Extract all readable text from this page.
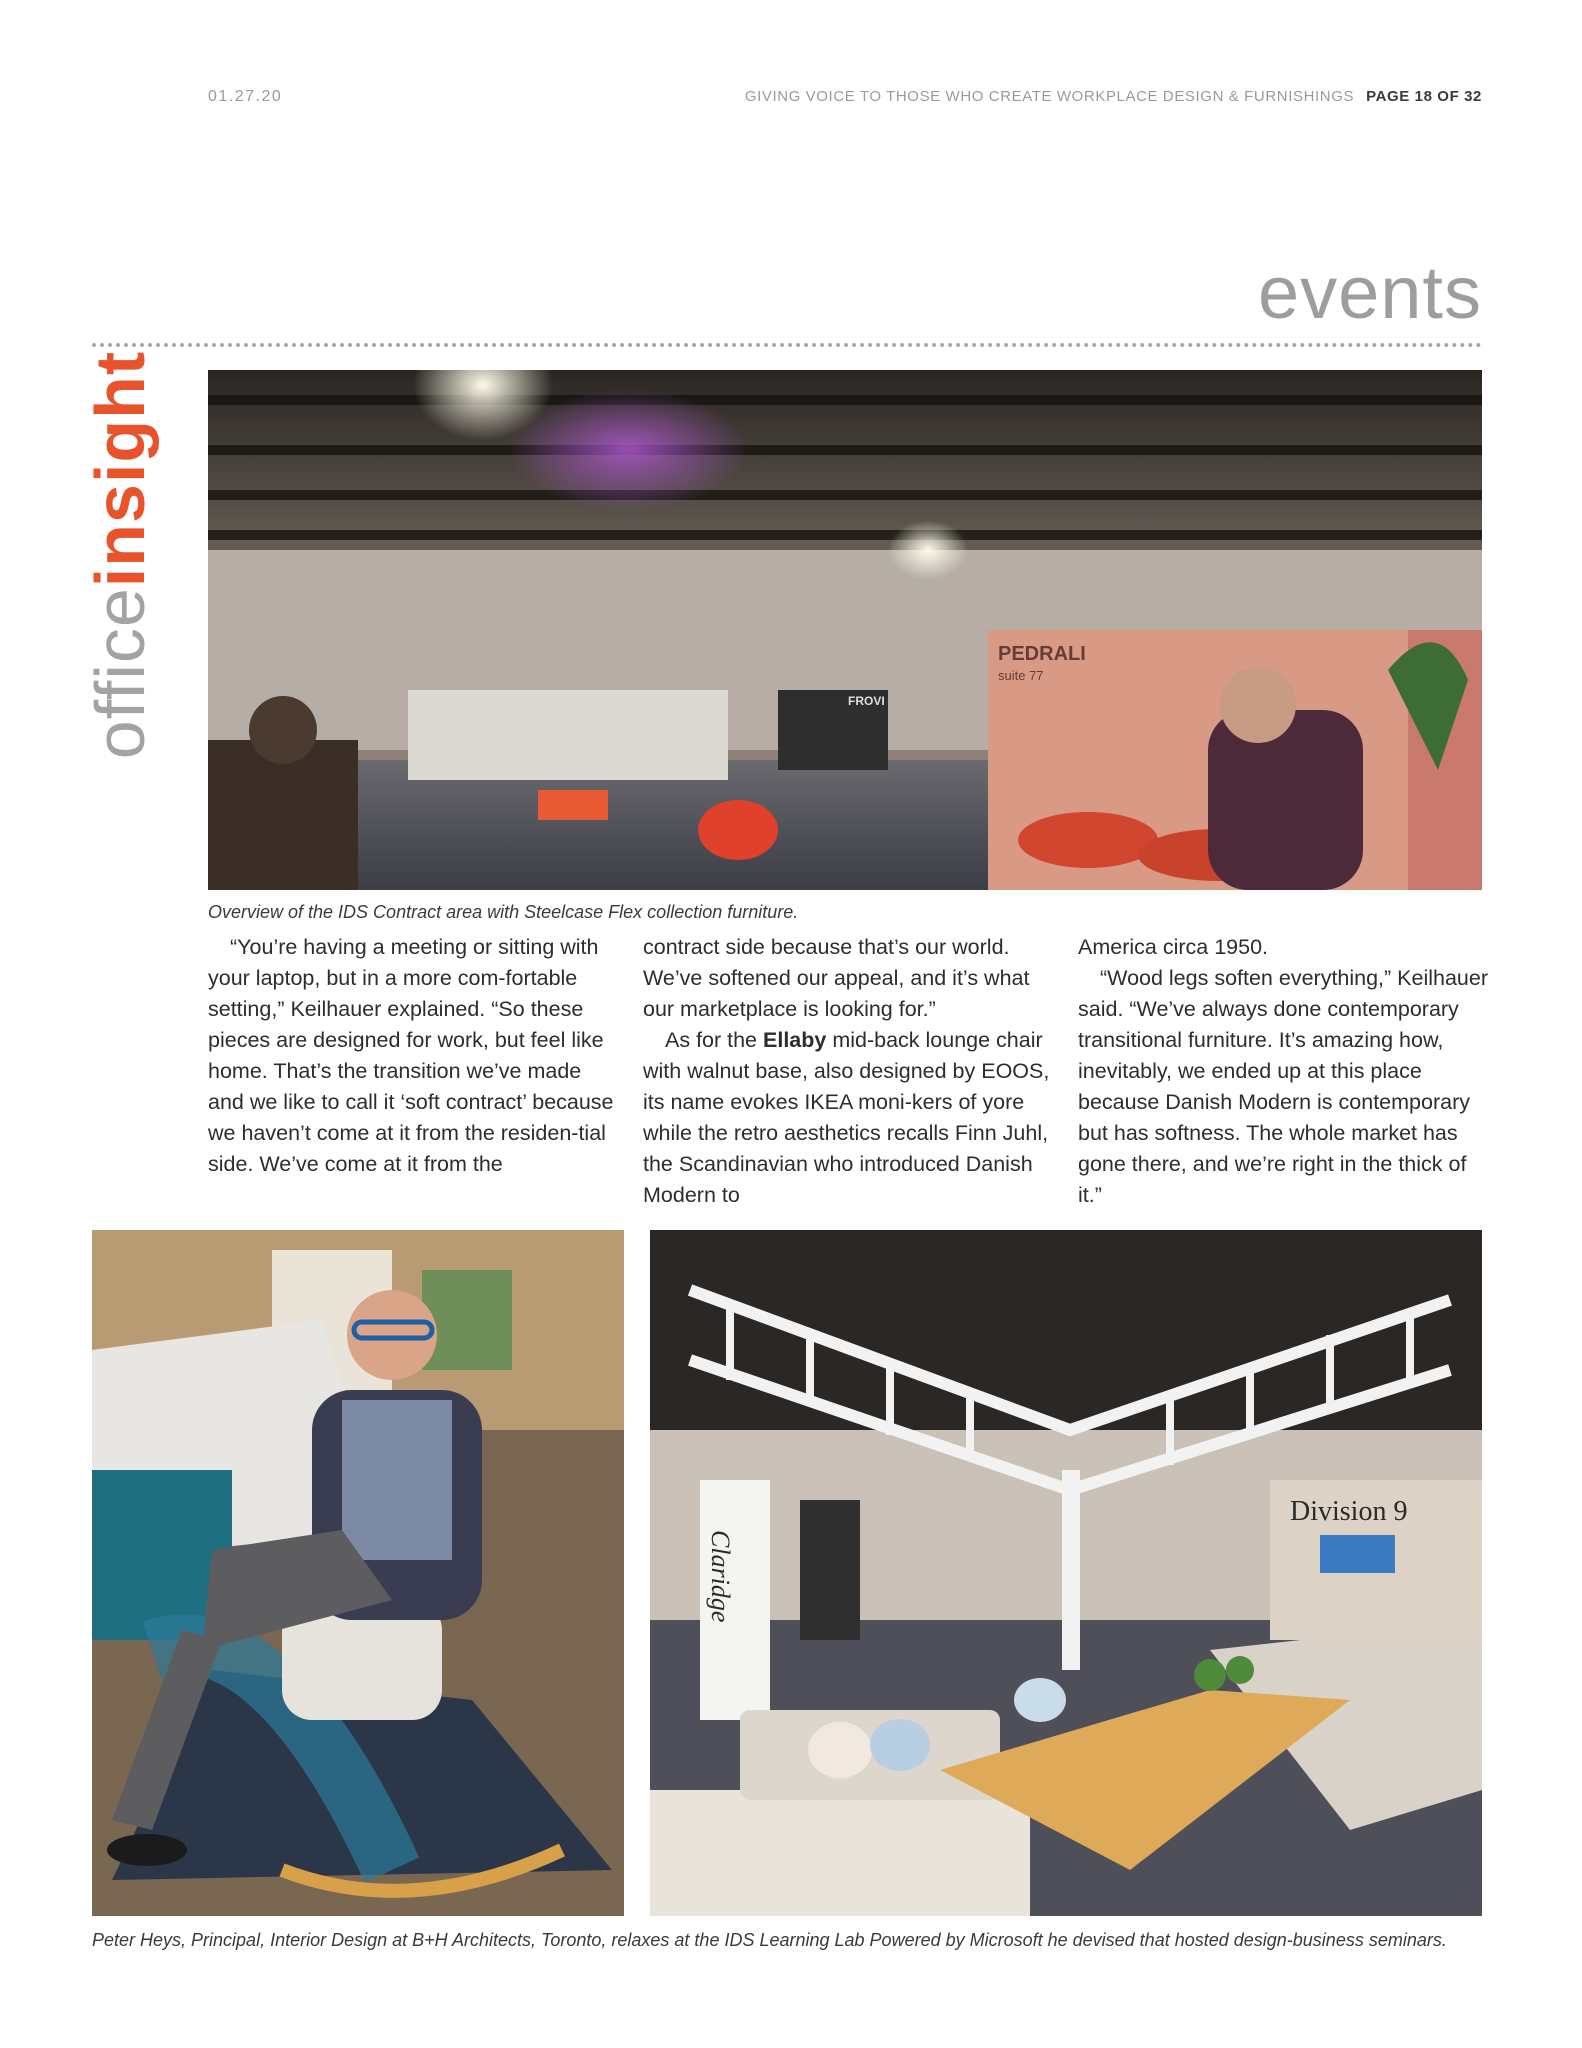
01.27.20	GIVING VOICE TO THOSE WHO CREATE WORKPLACE DESIGN & FURNISHINGS PAGE 18 OF 32
events
officeinsight
PEDRALI
suite 77
FROVI
Overview of the IDS Contract area with Steelcase Flex collection furniture.

“You’re having a meeting or sitting with your laptop, but in a more com-fortable setting,” Keilhauer explained. “So these pieces are designed for work, but feel like home. That’s the transition we’ve made and we like to call it ‘soft contract’ because we haven’t come at it from the residen-tial side. We’ve come at it from the

contract side because that’s our world. We’ve softened our appeal, and it’s what our marketplace is looking for.”

As for the Ellaby mid-back lounge chair with walnut base, also designed by EOOS, its name evokes IKEA moni-kers of yore while the retro aesthetics recalls Finn Juhl, the Scandinavian who introduced Danish Modern to

America circa 1950.

“Wood legs soften everything,” Keilhauer said. “We’ve always done contemporary transitional furniture. It’s amazing how, inevitably, we ended up at this place because Danish Modern is contemporary but has softness. The whole market has gone there, and we’re right in the thick of it.”

Claridge
Division 9
Peter Heys, Principal, Interior Design at B+H Architects, Toronto, relaxes at the IDS Learning Lab Powered by Microsoft he devised that hosted design-business seminars.
